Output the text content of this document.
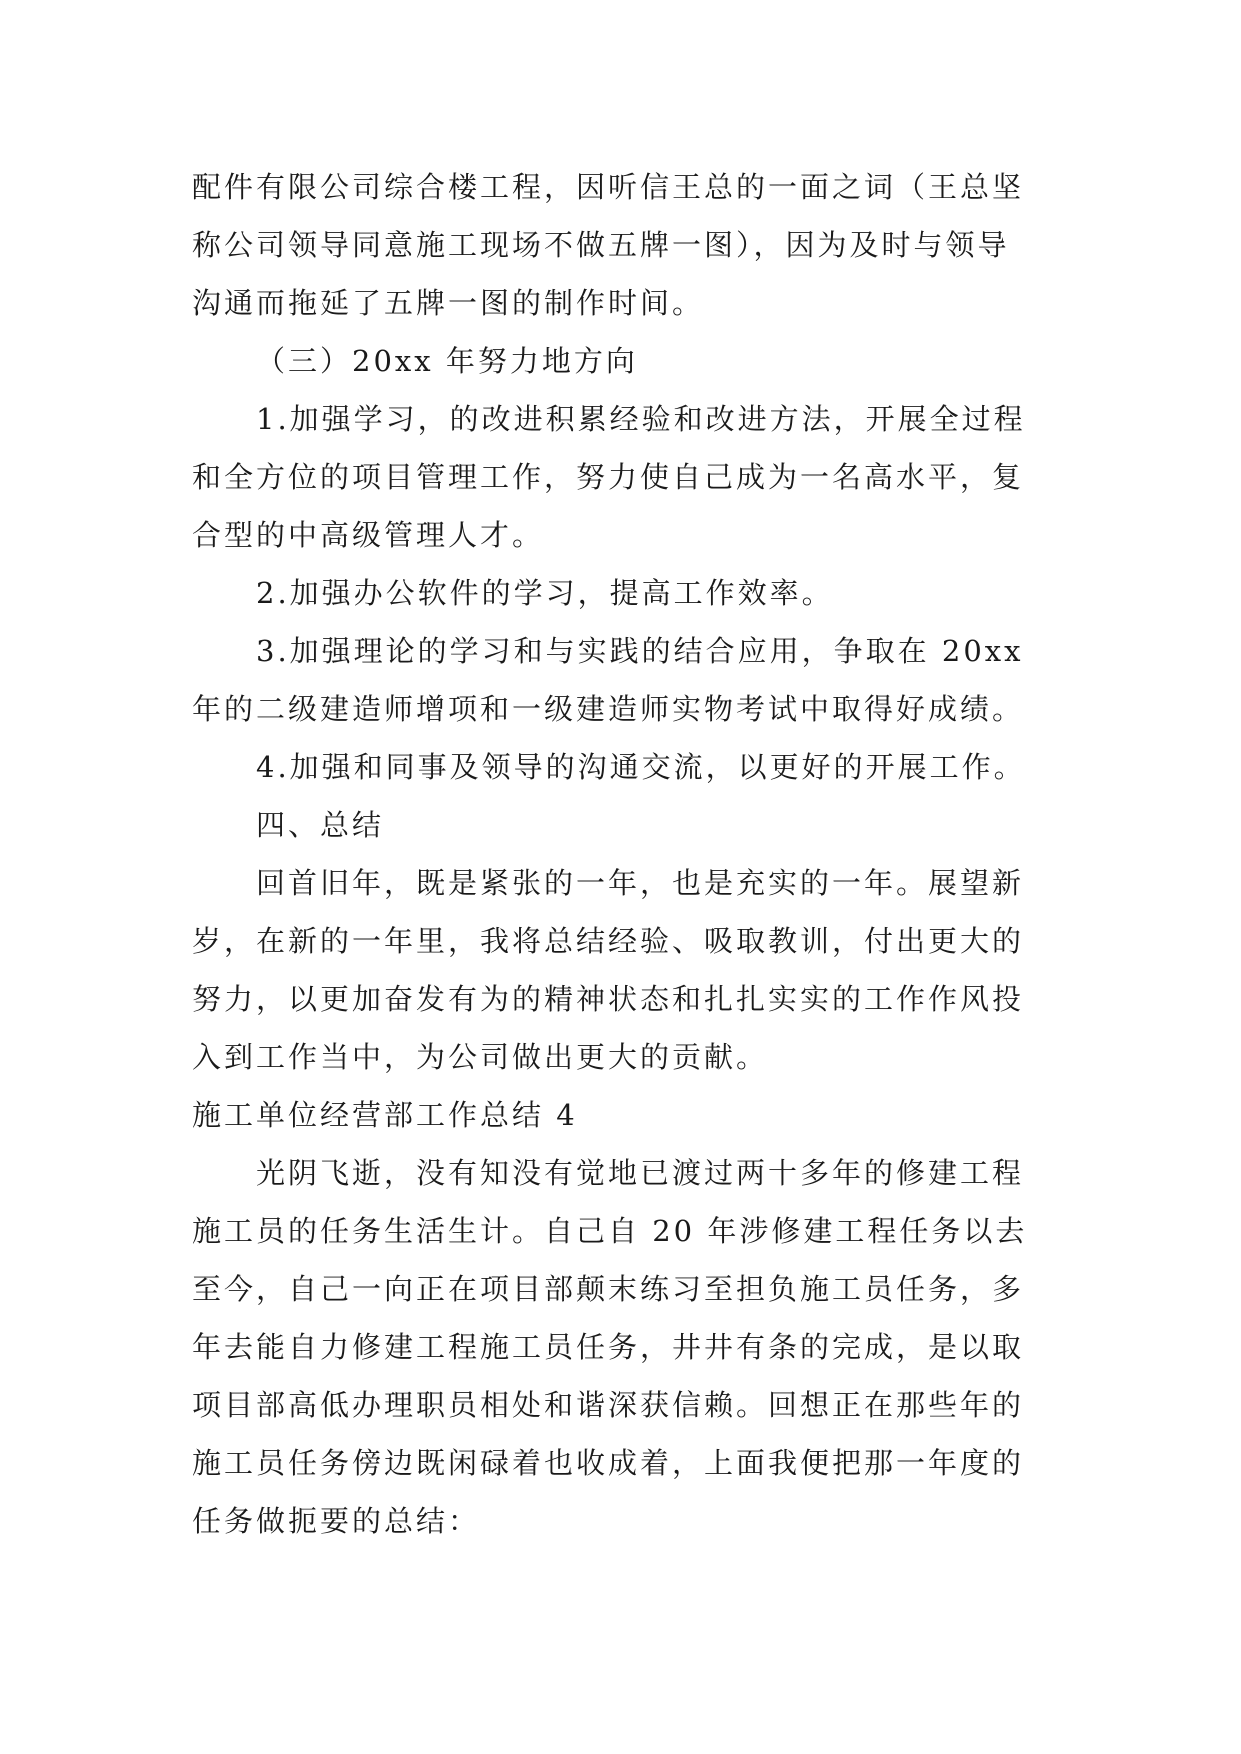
配件有限公司综合楼工程，因听信王总的一面之词（王总坚
称公司领导同意施工现场不做五牌一图），因为及时与领导
沟通而拖延了五牌一图的制作时间。
（三）20xx 年努力地方向
1.加强学习，的改进积累经验和改进方法，开展全过程
和全方位的项目管理工作，努力使自己成为一名高水平，复
合型的中高级管理人才。
2.加强办公软件的学习，提高工作效率。
3.加强理论的学习和与实践的结合应用，争取在 20xx
年的二级建造师增项和一级建造师实物考试中取得好成绩。
4.加强和同事及领导的沟通交流，以更好的开展工作。
四、总结
回首旧年，既是紧张的一年，也是充实的一年。展望新
岁，在新的一年里，我将总结经验、吸取教训，付出更大的
努力，以更加奋发有为的精神状态和扎扎实实的工作作风投
入到工作当中，为公司做出更大的贡献。
施工单位经营部工作总结 4
光阴飞逝，没有知没有觉地已渡过两十多年的修建工程
施工员的任务生活生计。自己自 20 年涉修建工程任务以去
至今，自己一向正在项目部颠末练习至担负施工员任务，多
年去能自力修建工程施工员任务，井井有条的完成，是以取
项目部高低办理职员相处和谐深获信赖。回想正在那些年的
施工员任务傍边既闲碌着也收成着，上面我便把那一年度的
任务做扼要的总结：
